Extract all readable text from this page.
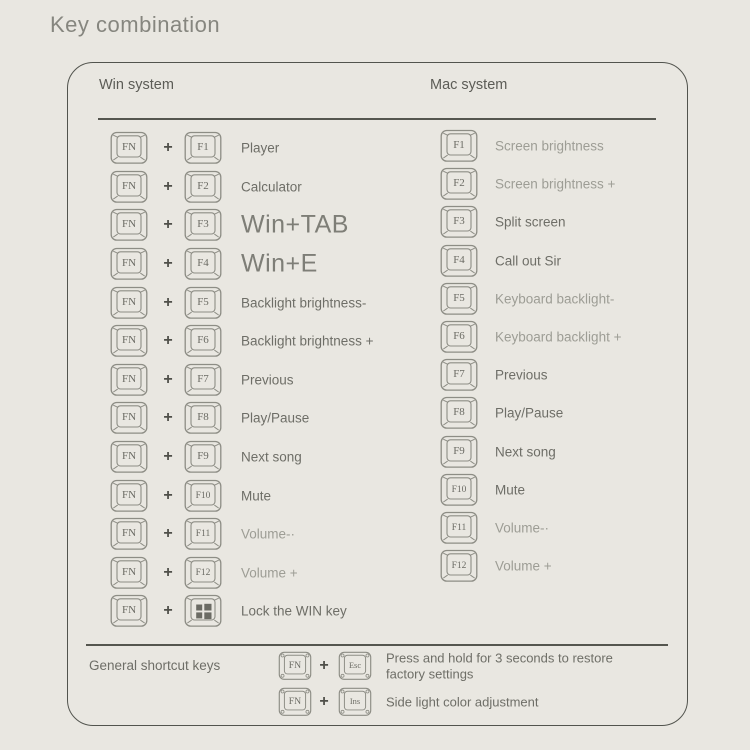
Key combination
Win system	Mac system
FN +	F1 Player
FN +	F2 Calculator
FN +	F3 Win+TAB
FN +	F4 Win+E
FN +	F5 Backlight brightness-
FN +	F6 Backlight brightness +
FN +	F7 Previous
FN +	F8 Play/Pause
FN +	F9 Next song
FN +	F10 Mute
FN +	F11 Volume-·
FN +	F12 Volume +
FN +	Lock the WIN key
F1 Screen brightness
F2 Screen brightness +
F3 Split screen
F4 Call out Sir
F5 Keyboard backlight-
F6 Keyboard backlight +
F7 Previous
F8 Play/Pause
F9 Next song
F10 Mute
F11 Volume-·
F12 Volume +
General shortcut keys	FN +	Esc Press and hold for 3 seconds to restore factory settings
FN +	Ins Side light color adjustment
